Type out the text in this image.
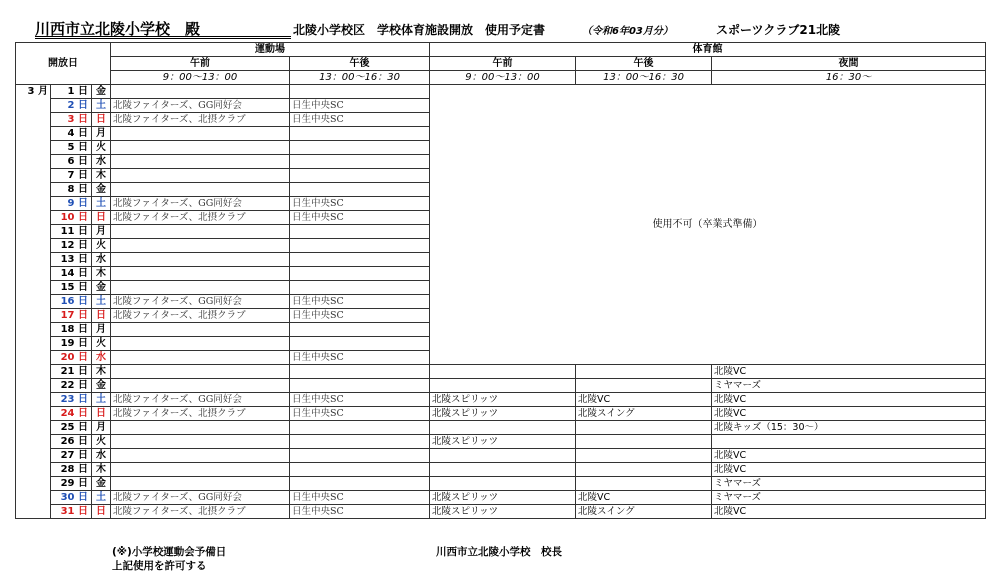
川西市立北陵小学校　殿	北陵小学校区　学校体育施設開放　使用予定書	（令和6年03月分）	スポーツクラブ21北陵
開放日			運動場		体育館		
			午前	午後	午前	午後	夜間
			9：00～13：00	13：00～16：30	9：00～13：00	13：00～16：30	16：30～
3 月	1 日	金			使用不可（卒業式準備）		
	2 日	土	北陵ファイターズ、GG同好会	日生中央SC			
	3 日	日	北陵ファイターズ、北摂クラブ	日生中央SC			
	4 日	月					
	5 日	火					
	6 日	水					
	7 日	木					
	8 日	金					
	9 日	土	北陵ファイターズ、GG同好会	日生中央SC			
	10 日	日	北陵ファイターズ、北摂クラブ	日生中央SC			
	11 日	月					
	12 日	火					
	13 日	水					
	14 日	木					
	15 日	金					
	16 日	土	北陵ファイターズ、GG同好会	日生中央SC			
	17 日	日	北陵ファイターズ、北摂クラブ	日生中央SC			
	18 日	月					
	19 日	火					
	20 日	水		日生中央SC			
	21 日	木					北陵VC
	22 日	金					ミヤマーズ
	23 日	土	北陵ファイターズ、GG同好会	日生中央SC	北陵スピリッツ	北陵VC	北陵VC
	24 日	日	北陵ファイターズ、北摂クラブ	日生中央SC	北陵スピリッツ	北陵スイング	北陵VC
	25 日	月					北陵キッズ（15：30～）
	26 日	火			北陵スピリッツ		
	27 日	水					北陵VC
	28 日	木					北陵VC
	29 日	金					ミヤマーズ
	30 日	土	北陵ファイターズ、GG同好会	日生中央SC	北陵スピリッツ	北陵VC	ミヤマーズ
	31 日	日	北陵ファイターズ、北摂クラブ	日生中央SC	北陵スピリッツ	北陵スイング	北陵VC
(※)小学校運動会予備日
上記使用を許可する
川西市立北陵小学校　校長
